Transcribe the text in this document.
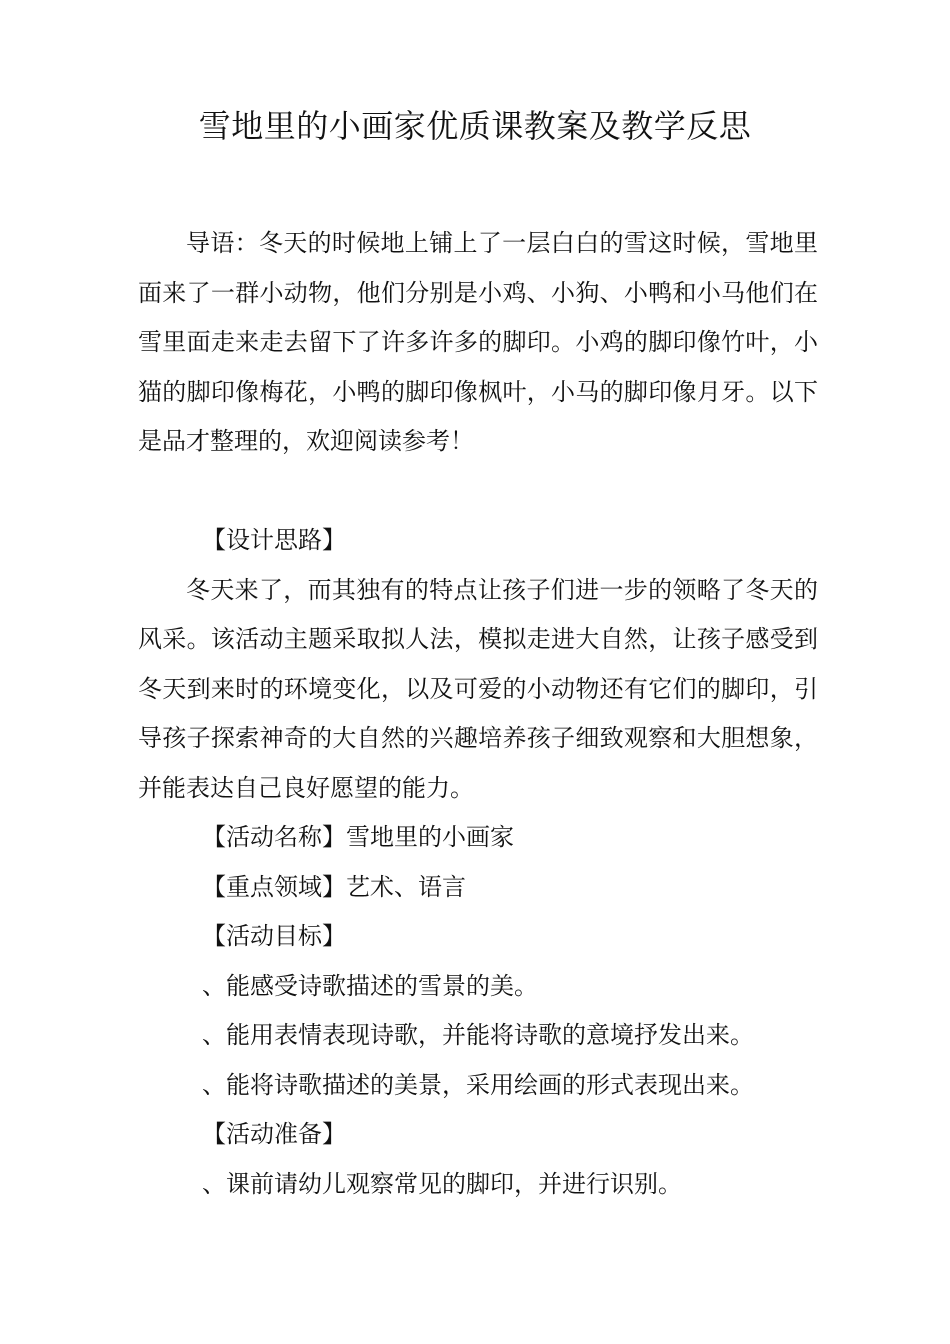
雪地里的小画家优质课教案及教学反思

导语：冬天的时候地上铺上了一层白白的雪这时候，雪地里面来了一群小动物，他们分别是小鸡、小狗、小鸭和小马他们在雪里面走来走去留下了许多许多的脚印。小鸡的脚印像竹叶，小猫的脚印像梅花，小鸭的脚印像枫叶，小马的脚印像月牙。以下是品才整理的，欢迎阅读参考！

【设计思路】

冬天来了，而其独有的特点让孩子们进一步的领略了冬天的风采。该活动主题采取拟人法，模拟走进大自然，让孩子感受到冬天到来时的环境变化，以及可爱的小动物还有它们的脚印，引导孩子探索神奇的大自然的兴趣培养孩子细致观察和大胆想象，并能表达自己良好愿望的能力。

【活动名称】雪地里的小画家

【重点领域】艺术、语言

【活动目标】

、能感受诗歌描述的雪景的美。

、能用表情表现诗歌，并能将诗歌的意境抒发出来。

、能将诗歌描述的美景，采用绘画的形式表现出来。

【活动准备】

、课前请幼儿观察常见的脚印，并进行识别。
